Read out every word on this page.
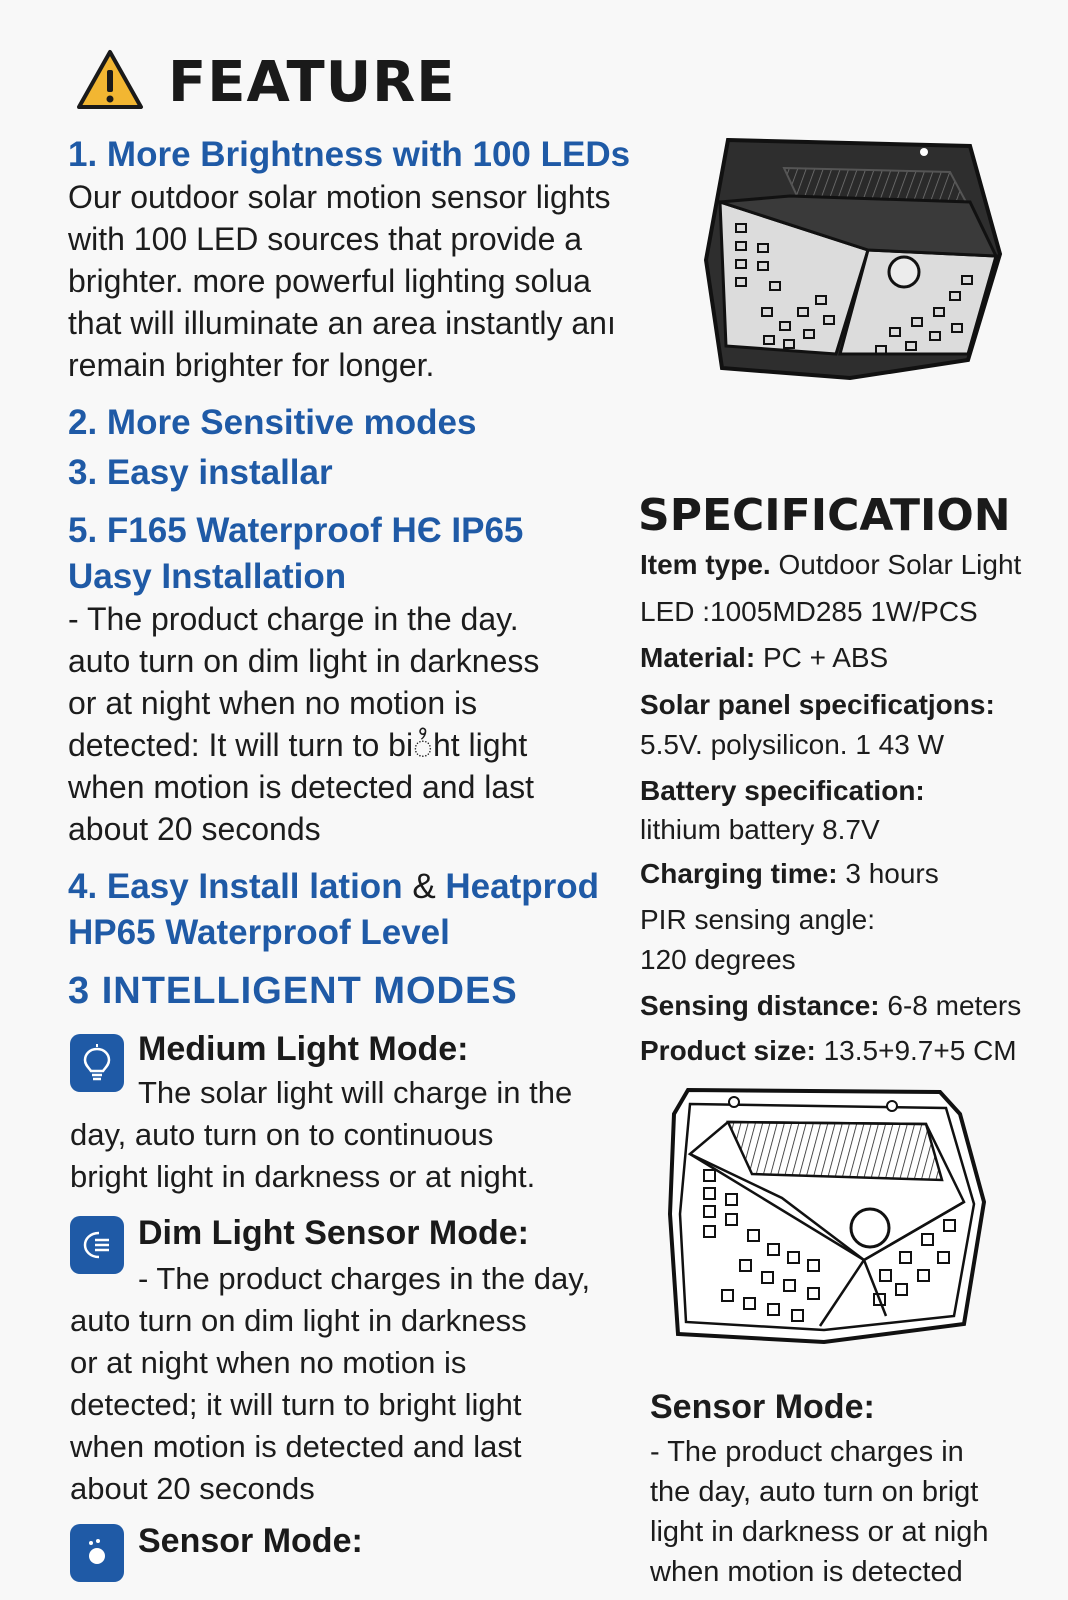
FEATURE
1. More Brightness with 100 LEDs
Our outdoor solar motion sensor lights
with 100 LED sources that provide a
brighter. more powerful lighting solua
that will illuminate an area instantly anı
remain brighter for longer.
2. More Sensitive modes
3. Easy installar
5. F165 Waterproof HЄ IP65
Uasy Installation
- The product charge in the day.
auto turn on dim light in darkness
or at night when no motion is
detected: It will turn to biႆht light
when motion is detected and last
about 20 seconds
4. Easy Install lation & Heatprod
HP65 Waterproof Level
3 INTELLIGENT MODES
Medium Light Mode:
The solar light will charge in the
day, auto turn on to continuous
bright light in darkness or at night.
Dim Light Sensor Mode:
- The product charges in the day,
auto turn on dim light in darkness
or at night when no motion is
detected; it will turn to bright light
when motion is detected and last
about 20 seconds
Sensor Mode:
SPECIFICATION
Item type. Outdoor Solar Light
LED :1005MD285 1W/PCS
Material: PC + ABS
Solar panel specificatjons:
5.5V. polysilicon. 1 43 W
Battery specification:
lithium battery 8.7V
Charging time: 3 hours
PIR sensing angle:
120 degrees
Sensing distance: 6-8 meters
Product size: 13.5+9.7+5 CM
Sensor Mode:
- The product charges in
the day, auto turn on brigt
light in darkness or at nigh
when motion is detected
